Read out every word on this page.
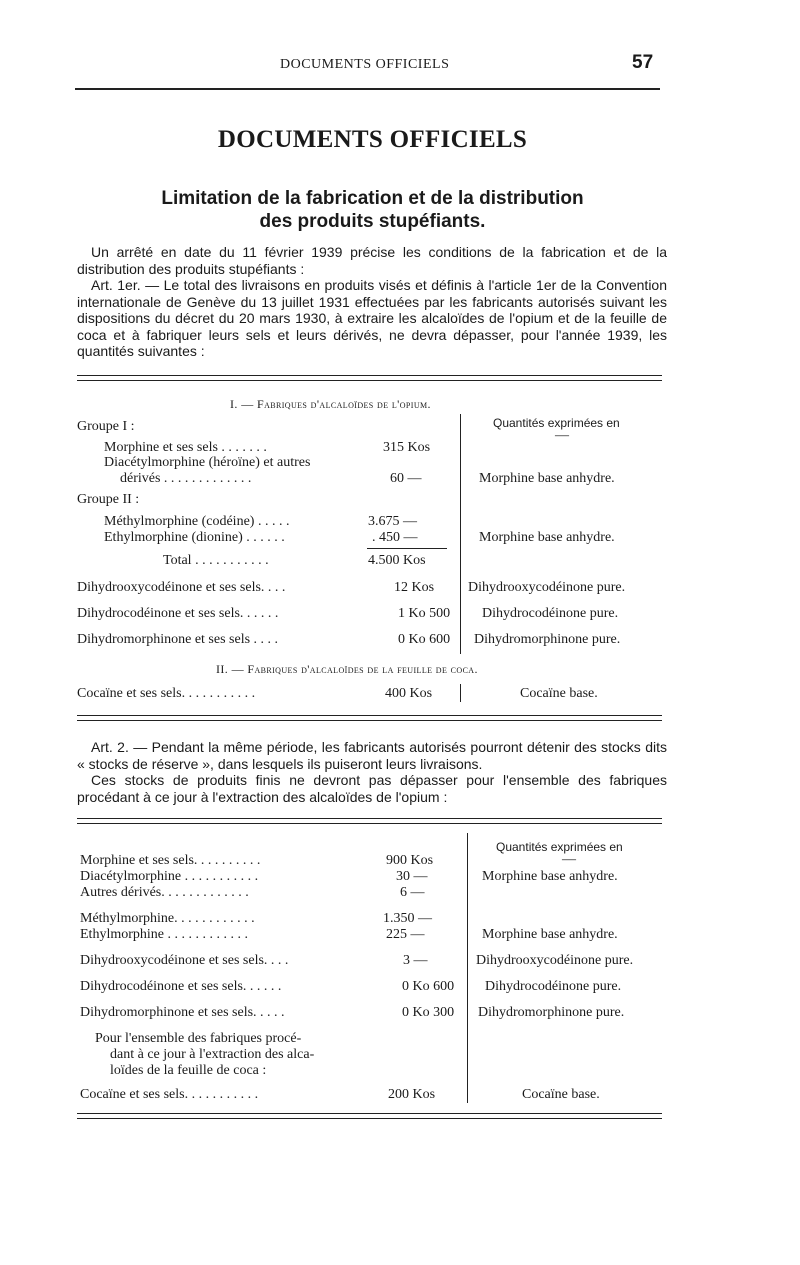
DOCUMENTS OFFICIELS	57
DOCUMENTS OFFICIELS
Limitation de la fabrication et de la distribution
des produits stupéfiants.

Un arrêté en date du 11 février 1939 précise les conditions de la fabrication et de la distribution des produits stupéfiants :

Art. 1er. — Le total des livraisons en produits visés et définis à l'article 1er de la Convention internationale de Genève du 13 juillet 1931 effectuées par les fabricants autorisés suivant les dispositions du décret du 20 mars 1930, à extraire les alcaloïdes de l'opium et de la feuille de coca et à fabriquer leurs sels et leurs dérivés, ne devra dépasser, pour l'année 1939, les quantités suivantes :

I. — Fabriques d'alcaloïdes de l'opium.
Quantités exprimées en
—
Groupe I :
Morphine et ses sels . . . . . . .	315 Kos
Diacétylmorphine (héroïne) et autres
dérivés . . . . . . . . . . . . .	60 —	Morphine base anhydre.
Groupe II :
Méthylmorphine (codéine) . . . . .	3.675 —
Ethylmorphine (dionine) . . . . . .	. 450 —	Morphine base anhydre.
Total . . . . . . . . . . .	4.500 Kos
Dihydrooxycodéinone et ses sels. . . .	12 Kos Dihydrooxycodéinone pure.
Dihydrocodéinone et ses sels. . . . . .	1 Ko 500 Dihydrocodéinone pure.
Dihydromorphinone et ses sels . . . .	0 Ko 600 Dihydromorphinone pure.
II. — Fabriques d'alcaloïdes de la feuille de coca.
Cocaïne et ses sels. . . . . . . . . . .	400 Kos	Cocaïne base.

Art. 2. — Pendant la même période, les fabricants autorisés pourront détenir des stocks dits « stocks de réserve », dans lesquels ils puiseront leurs livraisons.

Ces stocks de produits finis ne devront pas dépasser pour l'ensemble des fabriques procédant à ce jour à l'extraction des alcaloïdes de l'opium :

Quantités exprimées en
—
Morphine et ses sels. . . . . . . . . .	900 Kos
Diacétylmorphine . . . . . . . . . . .	30 —	Morphine base anhydre.
Autres dérivés. . . . . . . . . . . . .	6 —
Méthylmorphine. . . . . . . . . . . .	1.350 —
Ethylmorphine . . . . . . . . . . . .	225 —	Morphine base anhydre.
Dihydrooxycodéinone et ses sels. . . .	3 —	Dihydrooxycodéinone pure.
Dihydrocodéinone et ses sels. . . . . .	0 Ko 600 Dihydrocodéinone pure.
Dihydromorphinone et ses sels. . . . .	0 Ko 300 Dihydromorphinone pure.
Pour l'ensemble des fabriques procé-
dant à ce jour à l'extraction des alca-
loïdes de la feuille de coca :
Cocaïne et ses sels. . . . . . . . . . .	200 Kos	Cocaïne base.
